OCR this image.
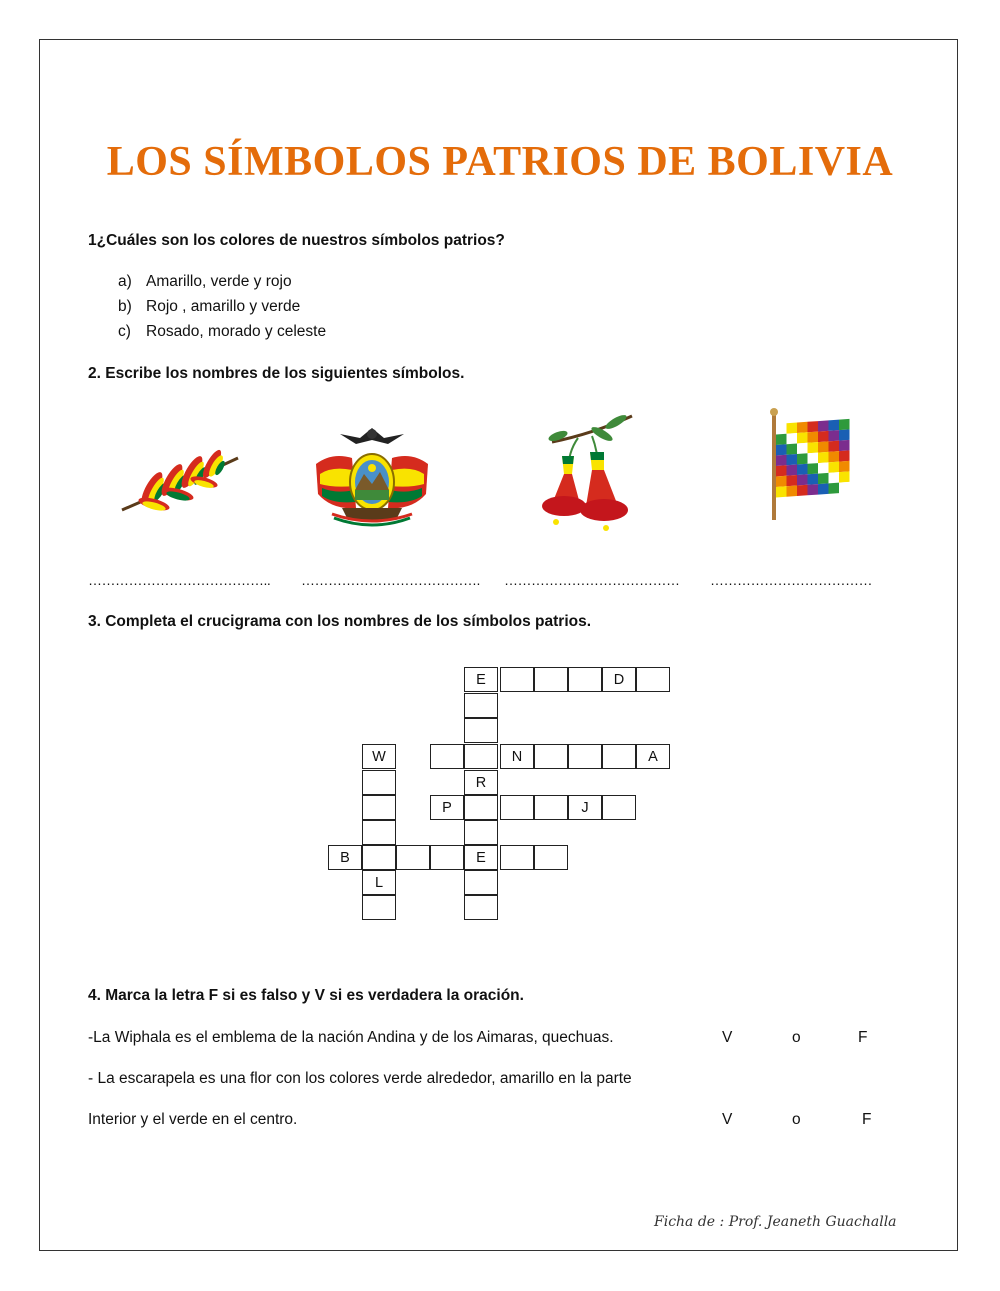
LOS SÍMBOLOS PATRIOS DE BOLIVIA
1¿Cuáles son los colores de nuestros símbolos patrios?
a) Amarillo, verde y rojo
b) Rojo , amarillo y verde
c) Rosado, morado y celeste
2. Escribe los nombres de los siguientes símbolos.
………………………………….. …………………………………. ………………………………… ………………………………
3. Completa el crucigrama con los nombres de los símbolos patrios.
E	D
W	N	A
R
P	J
B	E
L
4. Marca la letra F si es falso y V si es verdadera la oración.
-La Wiphala es el emblema de la nación Andina y de los Aimaras, quechuas.	V	o	F
- La escarapela es una flor con los colores verde alrededor, amarillo en la parte
Interior y el verde en el centro.	V	o	F
Ficha de : Prof. Jeaneth Guachalla
